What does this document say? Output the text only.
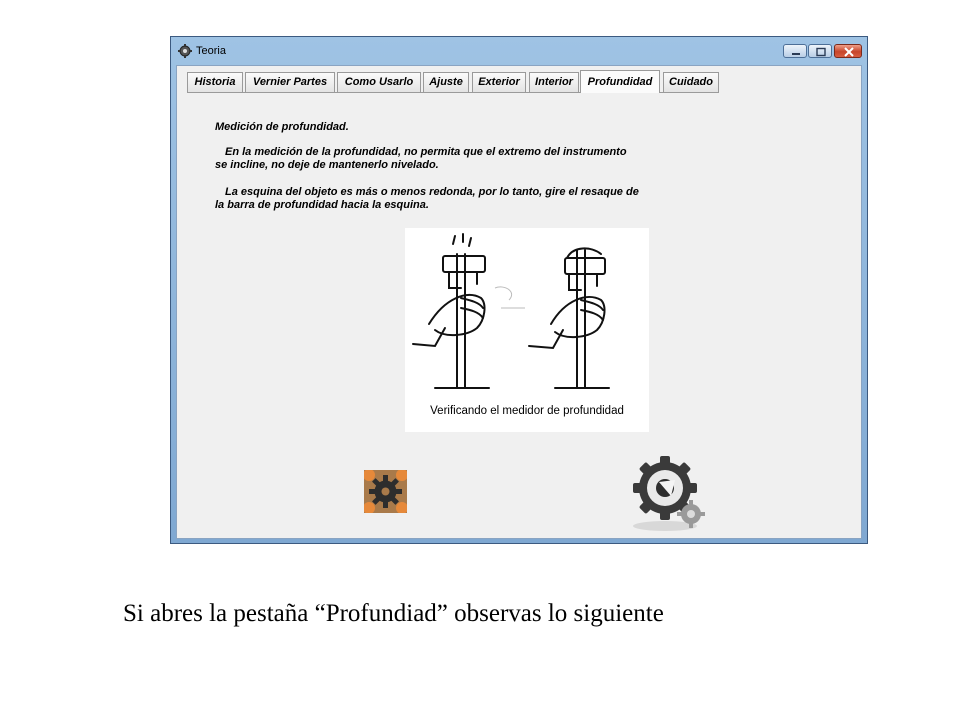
Teoria
Historia	Vernier Partes	Como Usarlo	Ajuste	Exterior	Interior	Profundidad	Cuidado
Medición de profundidad.
En la medición de la profundidad, no permita que el extremo del instrumento
se incline, no deje de mantenerlo nivelado.
La esquina del objeto es más o menos redonda, por lo tanto, gire el resaque de
la barra de profundidad hacia la esquina.
Verificando el medidor de profundidad
Si abres la pestaña “Profundiad” observas lo siguiente
